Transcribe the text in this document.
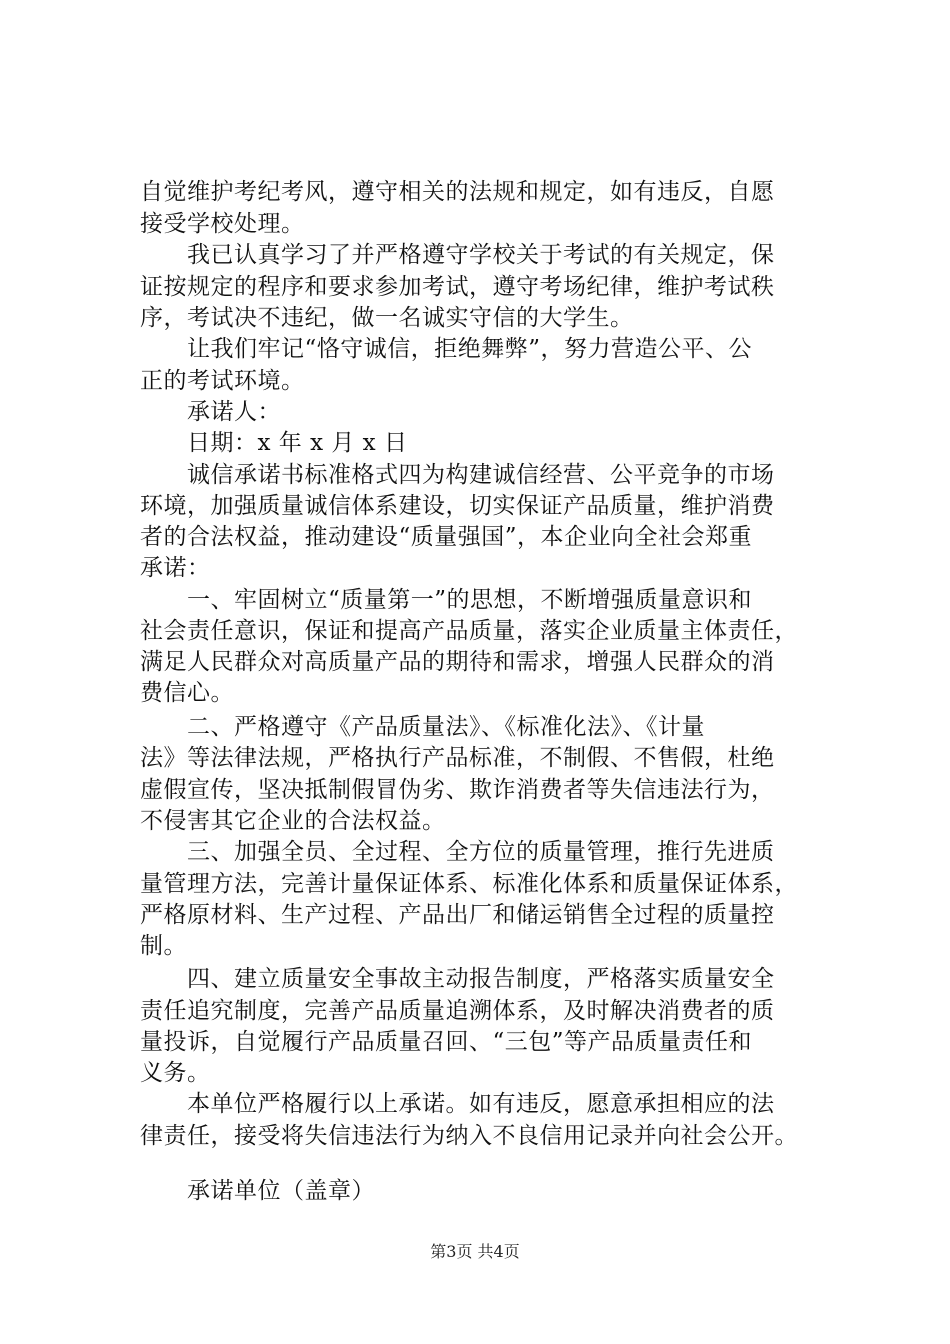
自觉维护考纪考风，遵守相关的法规和规定，如有违反，自愿
接受学校处理。
　　我已认真学习了并严格遵守学校关于考试的有关规定，保
证按规定的程序和要求参加考试，遵守考场纪律，维护考试秩
序，考试决不违纪，做一名诚实守信的大学生。
　　让我们牢记“恪守诚信，拒绝舞弊”，努力营造公平、公
正的考试环境。
　　承诺人：
　　日期：x 年 x 月 x 日
　　诚信承诺书标准格式四为构建诚信经营、公平竞争的市场
环境，加强质量诚信体系建设，切实保证产品质量，维护消费
者的合法权益，推动建设“质量强国”，本企业向全社会郑重
承诺：
　　一、牢固树立“质量第一”的思想，不断增强质量意识和
社会责任意识，保证和提高产品质量，落实企业质量主体责任，
满足人民群众对高质量产品的期待和需求，增强人民群众的消
费信心。
　　二、严格遵守《产品质量法》、《标准化法》、《计量
法》等法律法规，严格执行产品标准，不制假、不售假，杜绝
虚假宣传，坚决抵制假冒伪劣、欺诈消费者等失信违法行为，
不侵害其它企业的合法权益。
　　三、加强全员、全过程、全方位的质量管理，推行先进质
量管理方法，完善计量保证体系、标准化体系和质量保证体系，
严格原材料、生产过程、产品出厂和储运销售全过程的质量控
制。
　　四、建立质量安全事故主动报告制度，严格落实质量安全
责任追究制度，完善产品质量追溯体系，及时解决消费者的质
量投诉，自觉履行产品质量召回、“三包”等产品质量责任和
义务。
　　本单位严格履行以上承诺。如有违反，愿意承担相应的法
律责任，接受将失信违法行为纳入不良信用记录并向社会公开。
　　承诺单位（盖章）
第3页 共4页
